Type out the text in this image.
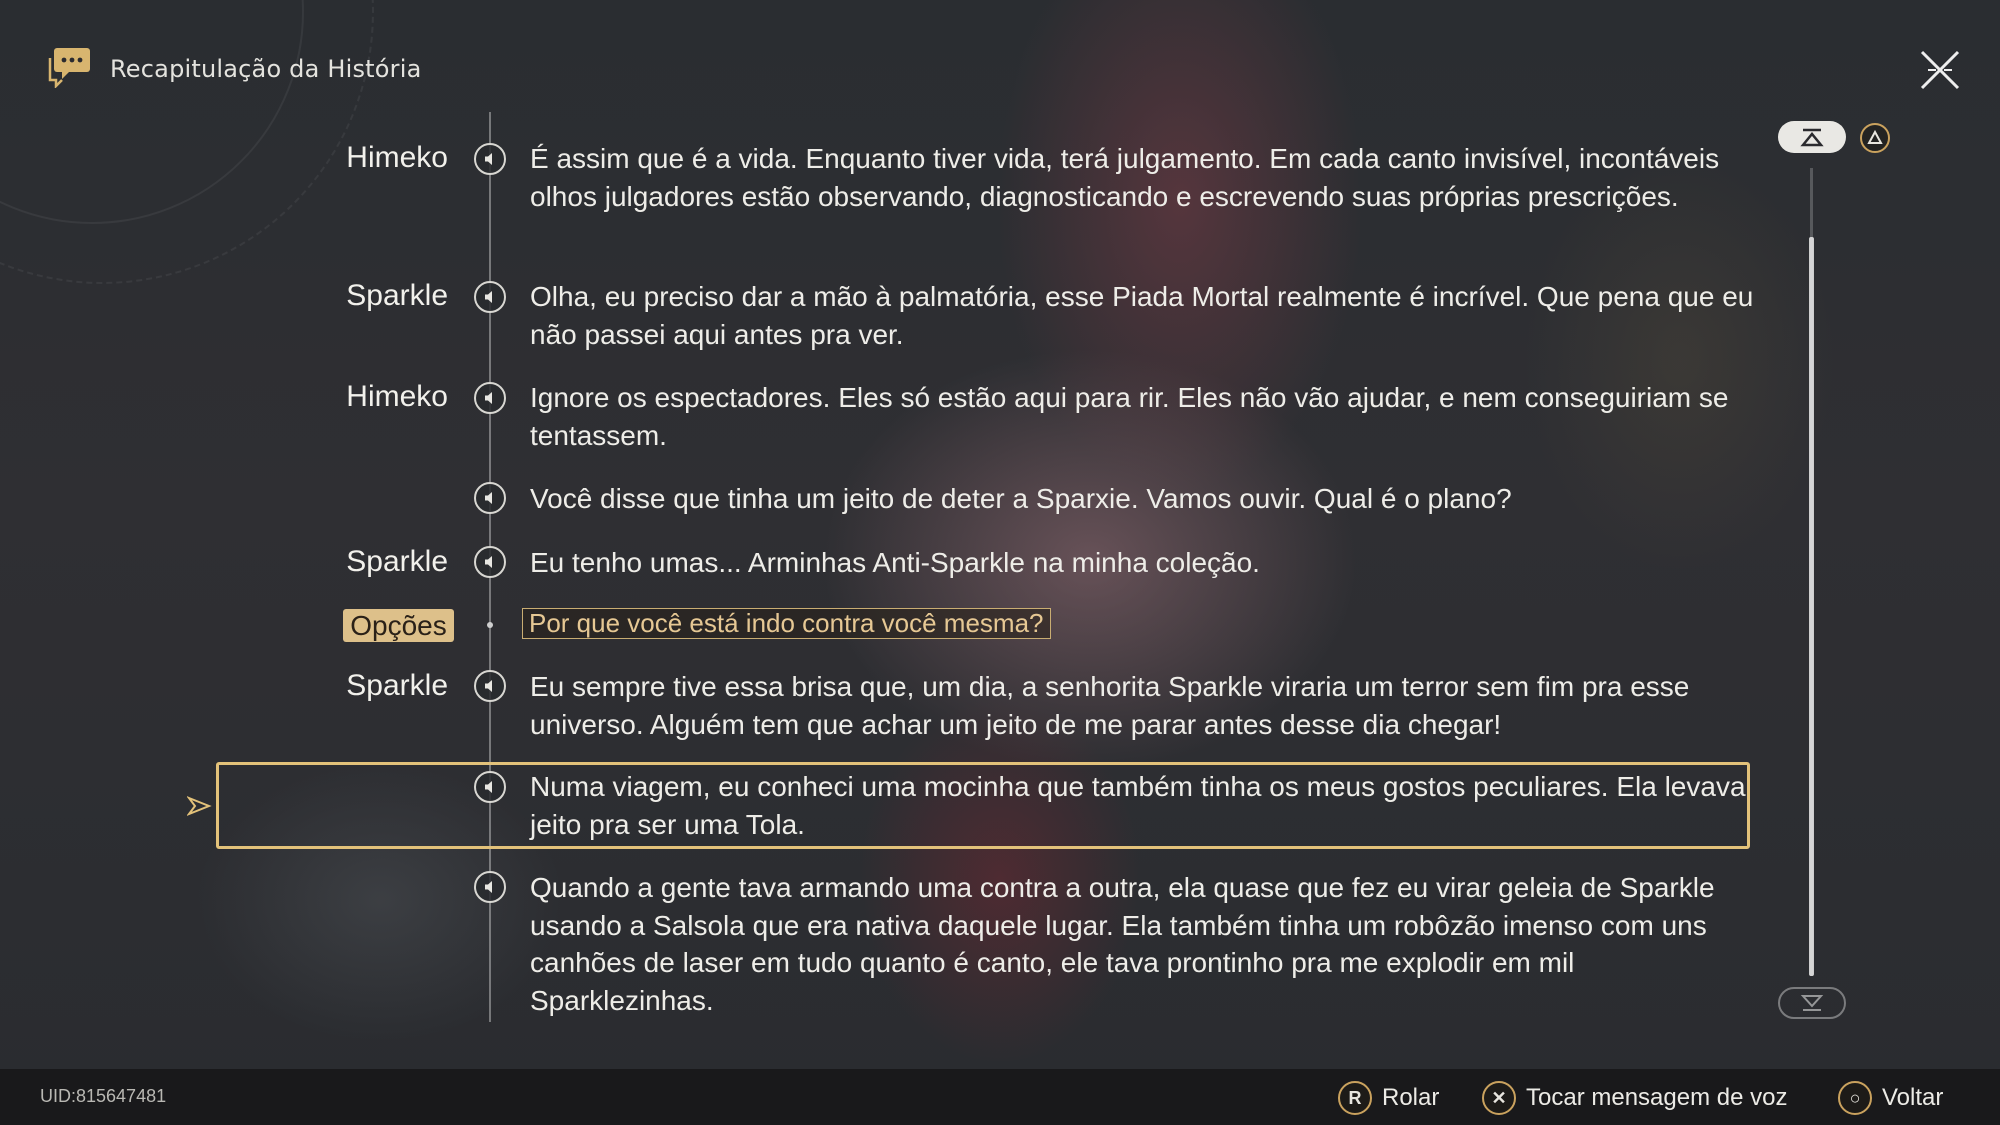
Recapitulação da História
Himeko	É assim que é a vida. Enquanto tiver vida, terá julgamento. Em cada canto invisível, incontáveis olhos julgadores estão observando, diagnosticando e escrevendo suas próprias prescrições.
Sparkle	Olha, eu preciso dar a mão à palmatória, esse Piada Mortal realmente é incrível. Que pena que eu não passei aqui antes pra ver.
Himeko	Ignore os espectadores. Eles só estão aqui para rir. Eles não vão ajudar, e nem conseguiriam se tentassem.
Você disse que tinha um jeito de deter a Sparxie. Vamos ouvir. Qual é o plano?
Sparkle	Eu tenho umas... Arminhas Anti-Sparkle na minha coleção.
Opções	Por que você está indo contra você mesma?
Sparkle	Eu sempre tive essa brisa que, um dia, a senhorita Sparkle viraria um terror sem fim pra esse universo. Alguém tem que achar um jeito de me parar antes desse dia chegar!
Numa viagem, eu conheci uma mocinha que também tinha os meus gostos peculiares. Ela levava jeito pra ser uma Tola.
Quando a gente tava armando uma contra a outra, ela quase que fez eu virar geleia de Sparkle usando a Salsola que era nativa daquele lugar. Ela também tinha um robôzão imenso com uns canhões de laser em tudo quanto é canto, ele tava prontinho pra me explodir em mil Sparklezinhas.
UID:815647481	R Rolar	✕ Tocar mensagem de voz	○ Voltar
